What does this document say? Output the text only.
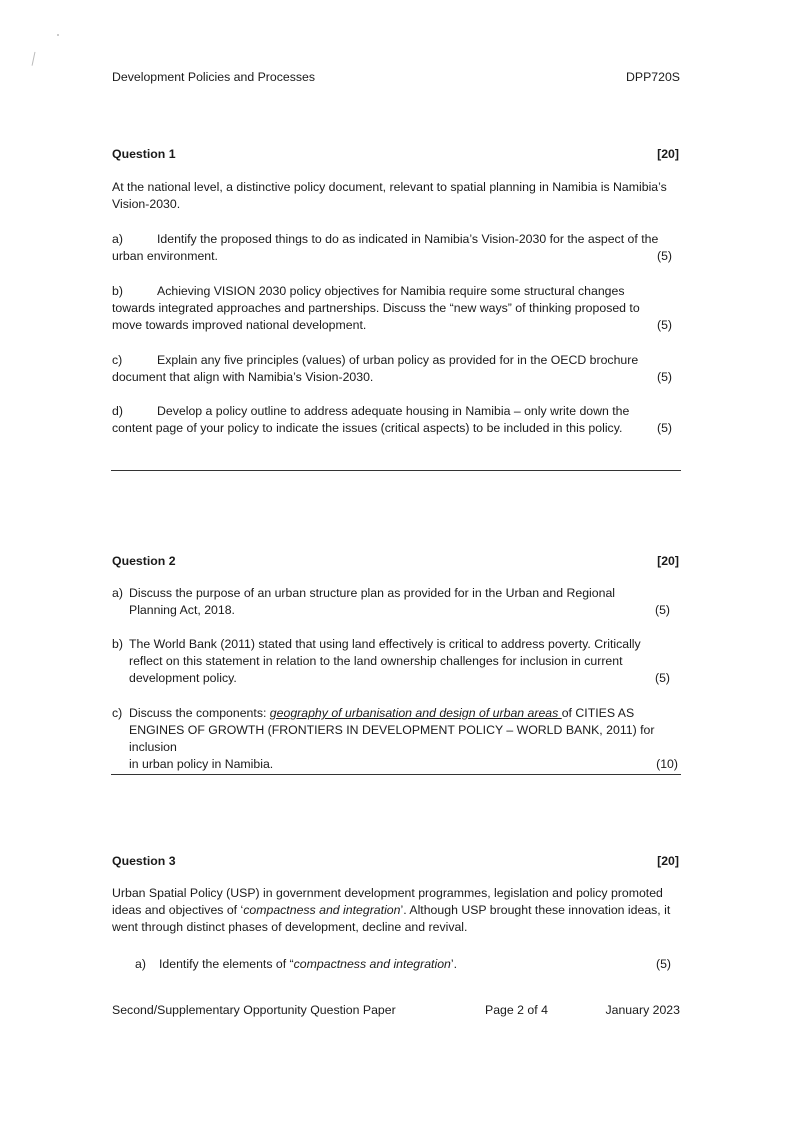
Development Policies and Processes	DPP720S
Question 1	[20]
At the national level, a distinctive policy document, relevant to spatial planning in Namibia is Namibia’s Vision-2030.
a)	Identify the proposed things to do as indicated in Namibia’s Vision-2030 for the aspect of the
urban environment.	(5)
b)	Achieving VISION 2030 policy objectives for Namibia require some structural changes
towards integrated approaches and partnerships. Discuss the “new ways” of thinking proposed to
move towards improved national development.	(5)
c)	Explain any five principles (values) of urban policy as provided for in the OECD brochure
document that align with Namibia’s Vision-2030.	(5)
d)	Develop a policy outline to address adequate housing in Namibia – only write down the
content page of your policy to indicate the issues (critical aspects) to be included in this policy.	(5)
Question 2	[20]
a) Discuss the purpose of an urban structure plan as provided for in the Urban and Regional
Planning Act, 2018.	(5)
b) The World Bank (2011) stated that using land effectively is critical to address poverty. Critically
reflect on this statement in relation to the land ownership challenges for inclusion in current
development policy.	(5)
c) Discuss the components: geography of urbanisation and design of urban areas of CITIES AS
ENGINES OF GROWTH (FRONTIERS IN DEVELOPMENT POLICY – WORLD BANK, 2011) for inclusion
in urban policy in Namibia.	(10)
Question 3	[20]
Urban Spatial Policy (USP) in government development programmes, legislation and policy promoted ideas and objectives of ‘compactness and integration’. Although USP brought these innovation ideas, it went through distinct phases of development, decline and revival.
a) Identify the elements of “compactness and integration’.	(5)
Second/Supplementary Opportunity Question Paper	Page 2 of 4	January 2023
